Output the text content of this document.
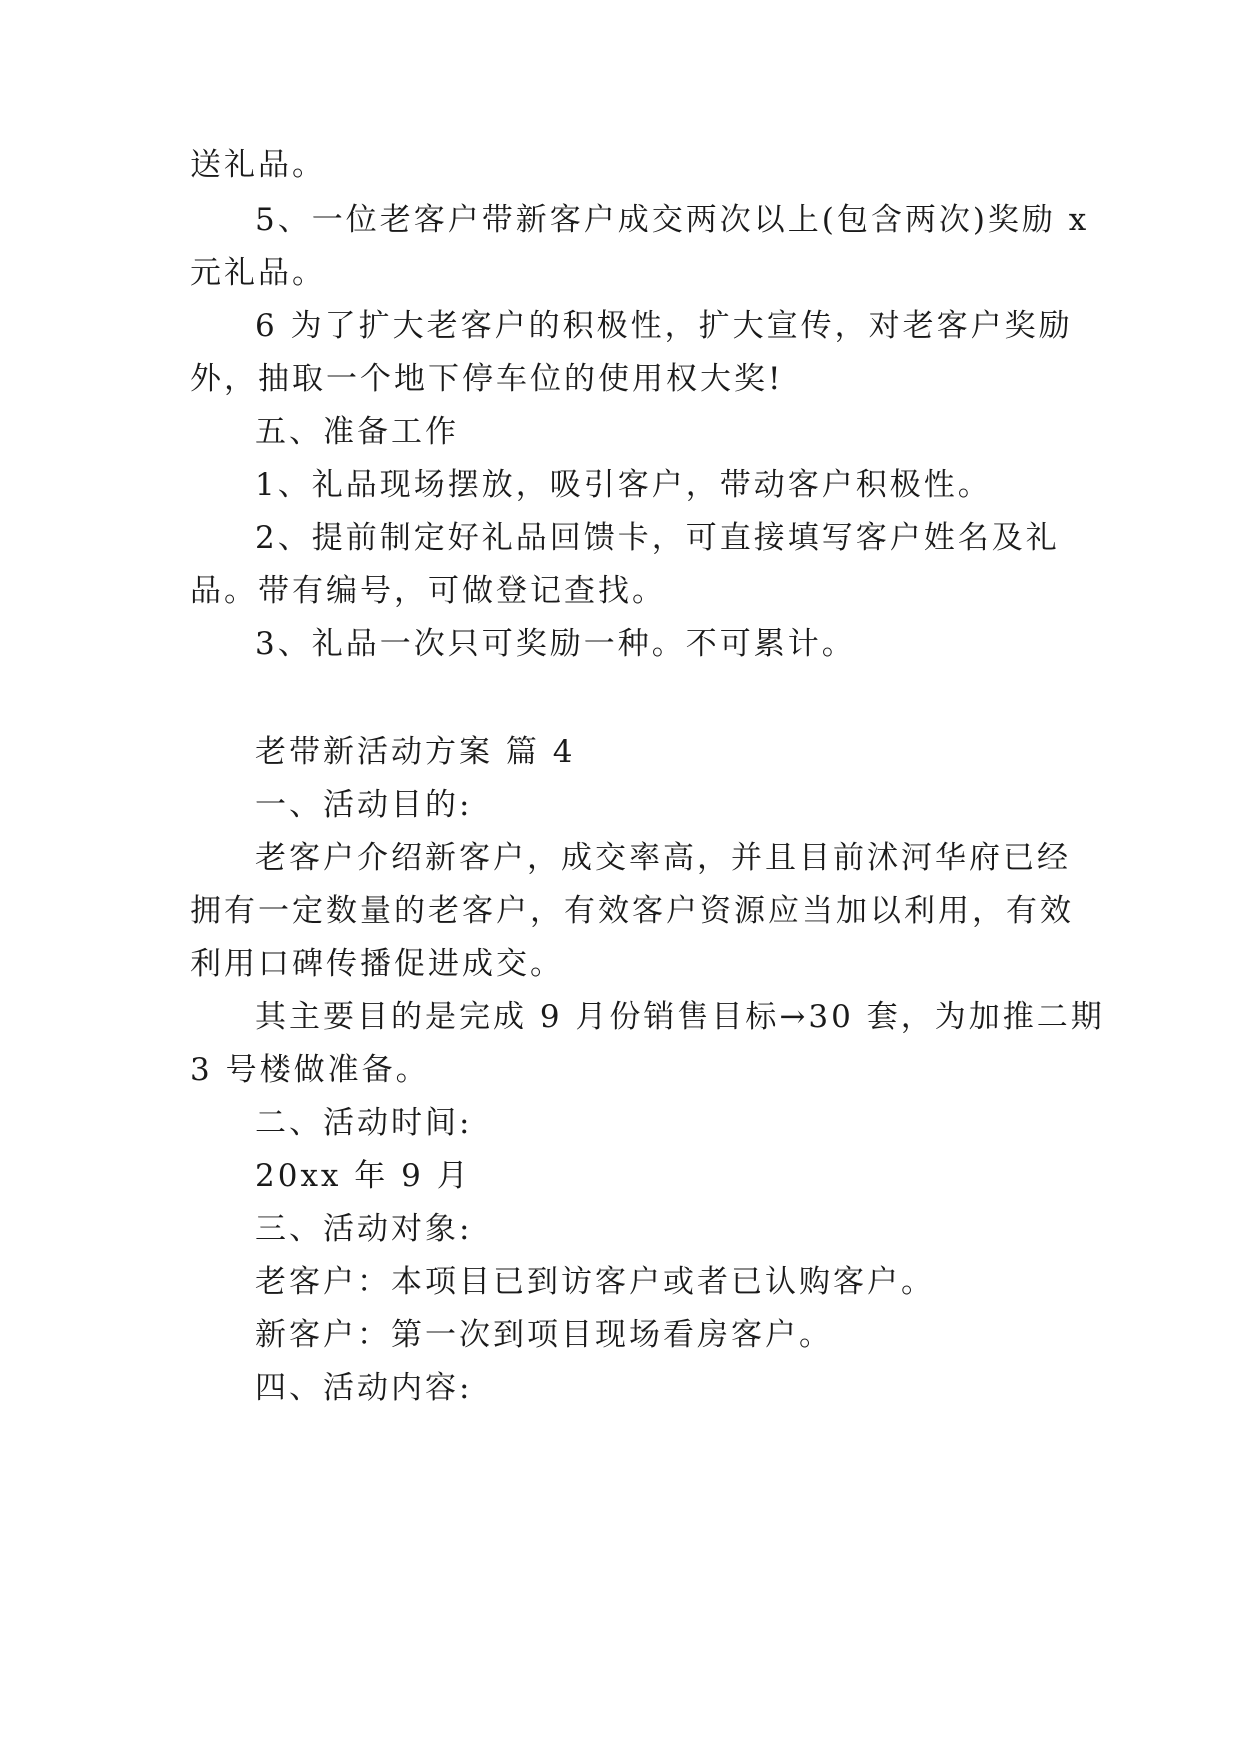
送礼品。

5、一位老客户带新客户成交两次以上(包含两次)奖励 x

元礼品。

6 为了扩大老客户的积极性，扩大宣传，对老客户奖励

外，抽取一个地下停车位的使用权大奖!

五、准备工作

1、礼品现场摆放，吸引客户，带动客户积极性。

2、提前制定好礼品回馈卡，可直接填写客户姓名及礼

品。带有编号，可做登记查找。

3、礼品一次只可奖励一种。不可累计。

老带新活动方案 篇 4

一、活动目的:

老客户介绍新客户，成交率高，并且目前沭河华府已经

拥有一定数量的老客户，有效客户资源应当加以利用，有效

利用口碑传播促进成交。

其主要目的是完成 9 月份销售目标→30 套，为加推二期

3 号楼做准备。

二、活动时间:

20xx 年 9 月

三、活动对象:

老客户：本项目已到访客户或者已认购客户。

新客户：第一次到项目现场看房客户。

四、活动内容:
